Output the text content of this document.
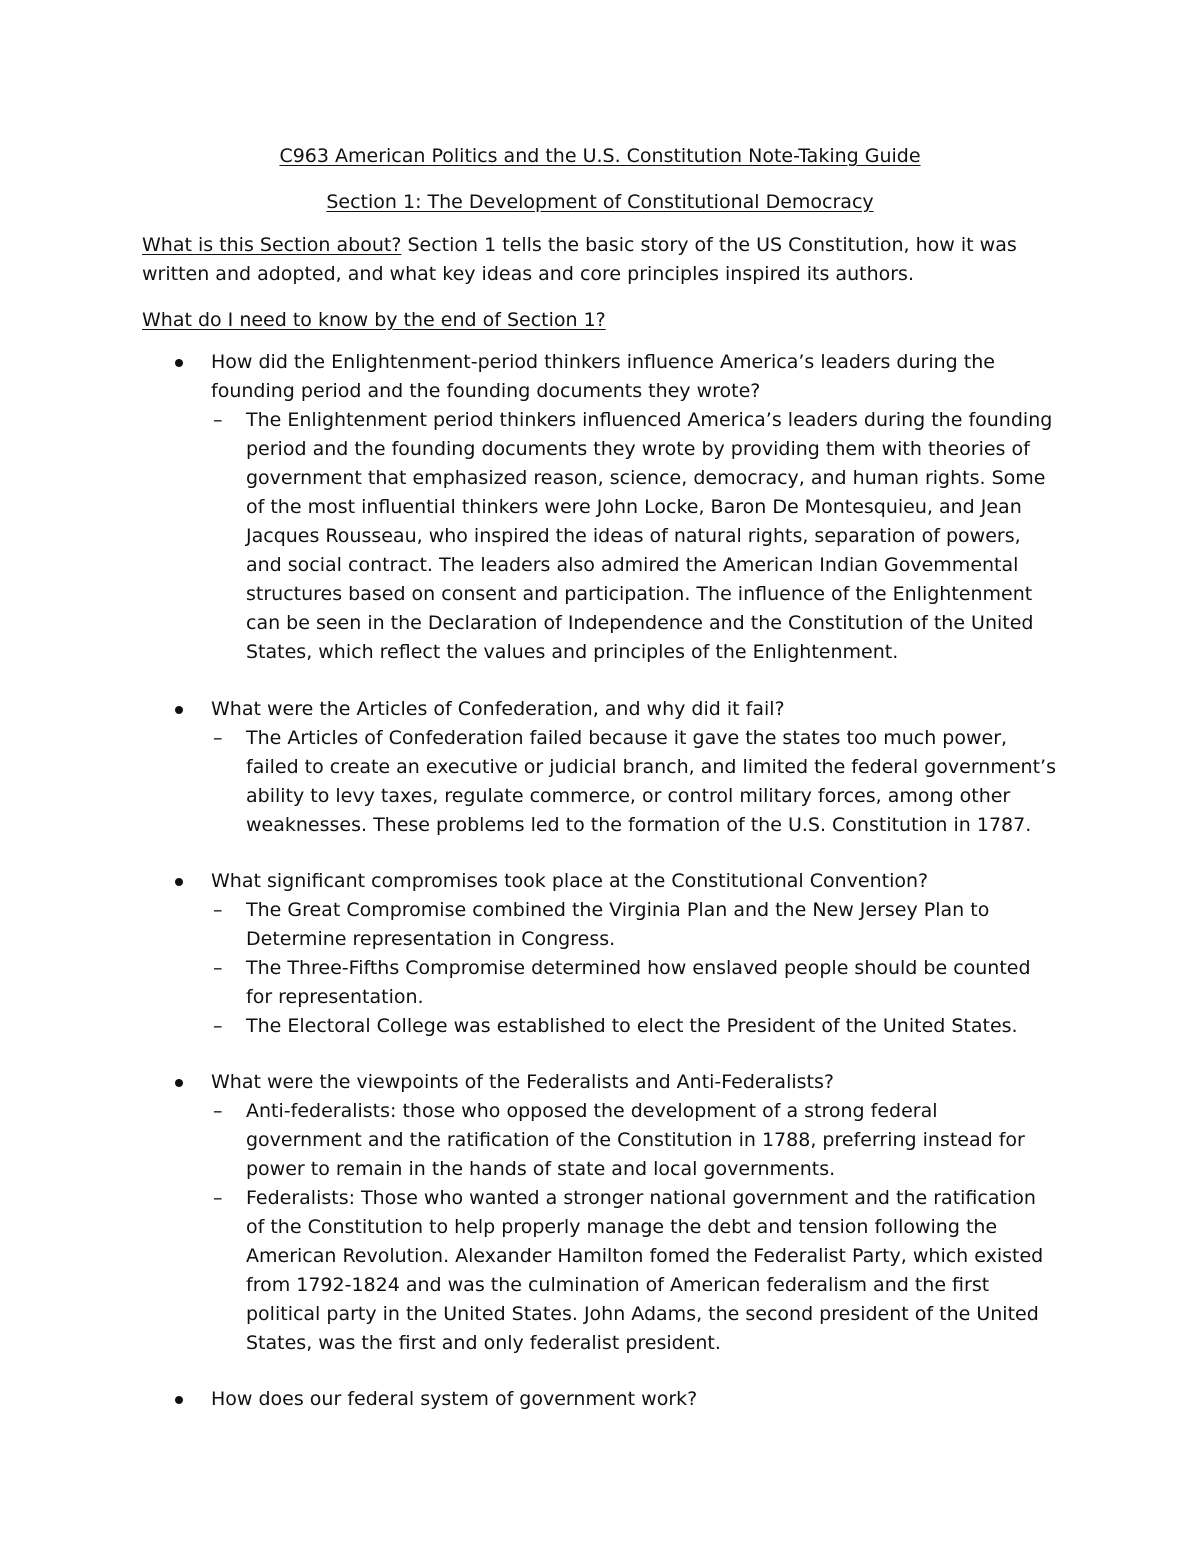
C963 American Politics and the U.S. Constitution Note-Taking Guide
Section 1: The Development of Constitutional Democracy
What is this Section about? Section 1 tells the basic story of the US Constitution, how it was
written and adopted, and what key ideas and core principles inspired its authors.
What do I need to know by the end of Section 1?
How did the Enlightenment-period thinkers influence America’s leaders during the
founding period and the founding documents they wrote?
– The Enlightenment period thinkers influenced America’s leaders during the founding
period and the founding documents they wrote by providing them with theories of
government that emphasized reason, science, democracy, and human rights. Some
of the most influential thinkers were John Locke, Baron De Montesquieu, and Jean
Jacques Rousseau, who inspired the ideas of natural rights, separation of powers,
and social contract. The leaders also admired the American Indian Govemmental
structures based on consent and participation. The influence of the Enlightenment
can be seen in the Declaration of Independence and the Constitution of the United
States, which reflect the values and principles of the Enlightenment.
What were the Articles of Confederation, and why did it fail?
– The Articles of Confederation failed because it gave the states too much power,
failed to create an executive or judicial branch, and limited the federal government’s
ability to levy taxes, regulate commerce, or control military forces, among other
weaknesses. These problems led to the formation of the U.S. Constitution in 1787.
What significant compromises took place at the Constitutional Convention?
– The Great Compromise combined the Virginia Plan and the New Jersey Plan to
Determine representation in Congress.
– The Three-Fifths Compromise determined how enslaved people should be counted
for representation.
– The Electoral College was established to elect the President of the United States.
What were the viewpoints of the Federalists and Anti-Federalists?
– Anti-federalists: those who opposed the development of a strong federal
government and the ratification of the Constitution in 1788, preferring instead for
power to remain in the hands of state and local governments.
– Federalists: Those who wanted a stronger national government and the ratification
of the Constitution to help properly manage the debt and tension following the
American Revolution. Alexander Hamilton fomed the Federalist Party, which existed
from 1792-1824 and was the culmination of American federalism and the first
political party in the United States. John Adams, the second president of the United
States, was the first and only federalist president.
How does our federal system of government work?
